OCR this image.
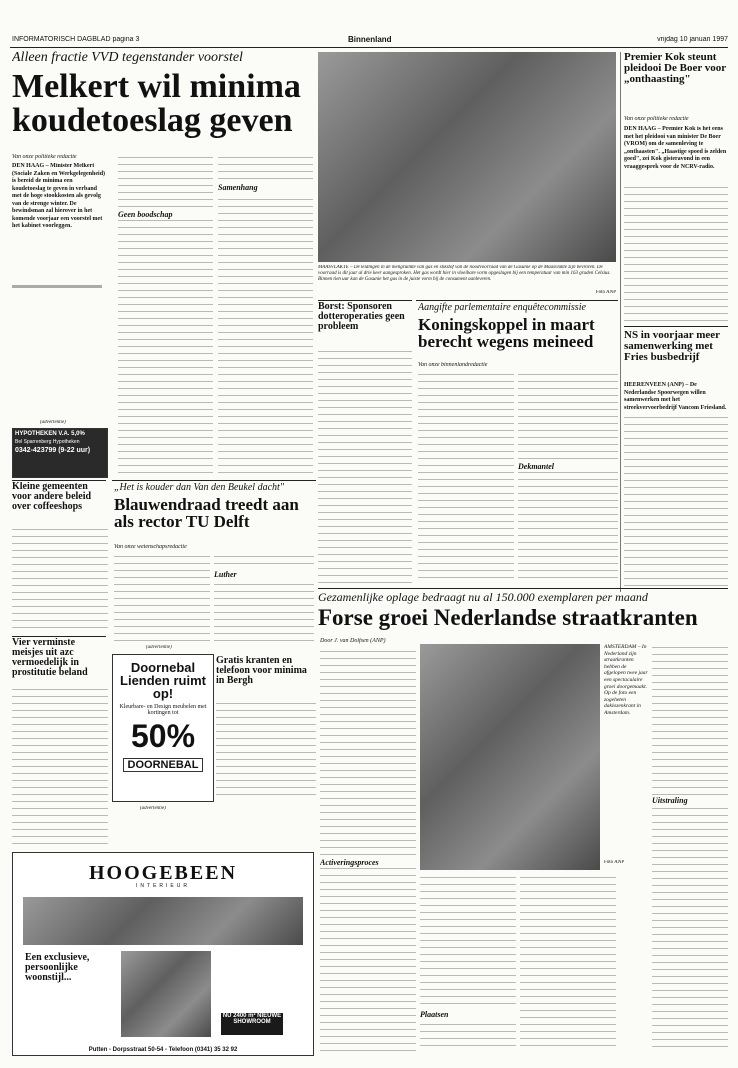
INFORMATORISCH DAGBLAD pagina 3	Binnenland	vrijdag 10 januari 1997
Alleen fractie VVD tegenstander voorstel
Melkert wil minima koudetoeslag geven
Van onze politieke redactie
DEN HAAG – Minister Melkert (Sociale Zaken en Werkgelegenheid) is bereid de minima een koudetoeslag te geven in verband met de hoge stookkosten als gevolg van de strenge winter. De bewindsman zal hierover in het komende voorjaar een voorstel met het kabinet voorleggen.
Geen boodschap
Samenhang
MAASVLAKTE – De leidingen in de mengruimte van gas en stikstof van de noodvoorraad van de Gasunie op de Maasvlakte zijn bevroren. De voorraad is dit jaar al drie keer aangesproken. Het gas wordt hier in vloeibare vorm opgeslagen bij een temperatuur van min 163 graden Celsius. Binnen tien uur kan de Gasunie het gas in de juiste vorm bij de consument aanleveren.
Foto ANP
Premier Kok steunt pleidooi De Boer voor „onthaasting"
Van onze politieke redactie
DEN HAAG – Premier Kok is het eens met het pleidooi van minister De Boer (VROM) om de samenleving te „onthaasten". „Haastige spoed is zelden goed", zei Kok gisteravond in een vraaggesprek voor de NCRV-radio.
NS in voorjaar meer samenwerking met Fries busbedrijf
HEERENVEEN (ANP) – De Nederlandse Spoorwegen willen samenwerken met het streekvervoerbedrijf Vancom Friesland.
(advertentie)
HYPOTHEKEN V.A. 5,0%
Bel Sparrenberg Hypotheken
0342-423799 (9-22 uur)
Kleine gemeenten voor andere beleid over coffeeshops
Vier verminste meisjes uit azc vermoedelijk in prostitutie beland
„Het is kouder dan Van den Beukel dacht"
Blauwendraad treedt aan als rector TU Delft
Van onze wetenschapsredactie
Luther
(advertentie)
Doornebal Lienden ruimt op!
Kleurbare- en Design meubelen met kortingen tot
50%
DOORNEBAL
Gratis kranten en telefoon voor minima in Bergh
Borst: Sponsoren dotteroperaties geen probleem
Aangifte parlementaire enquêtecommissie
Koningskoppel in maart berecht wegens meineed
Van onze binnenlandredactie
Dekmantel
Gezamenlijke oplage bedraagt nu al 150.000 exemplaren per maand
Forse groei Nederlandse straatkranten
Door J. van Dolfsen (ANP)
Activeringsproces
AMSTERDAM – In Nederland zijn straatkranten hebben de afgelopen twee jaar een spectaculaire groei doorgemaakt. Op de foto een zogeheten daklozenkrant in Amsterdam.
Foto ANP
Plaatsen
Uitstraling
(advertentie)
HOOGEBEEN
INTERIEUR
Een exclusieve, persoonlijke woonstijl...
NU 2400 m² NIEUWE SHOWROOM
Putten - Dorpsstraat 50-54 - Telefoon (0341) 35 32 92
